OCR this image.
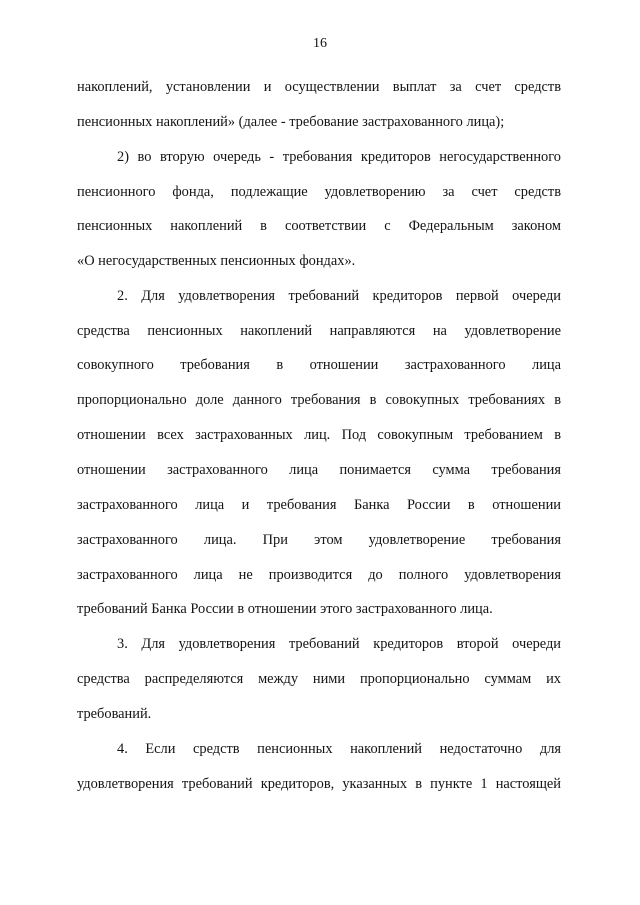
16
накоплений, установлении и осуществлении выплат за счет средств
пенсионных накоплений» (далее - требование застрахованного лица);
2) во вторую очередь - требования кредиторов негосударственного
пенсионного фонда, подлежащие удовлетворению за счет средств
пенсионных накоплений в соответствии с Федеральным законом
«О негосударственных пенсионных фондах».
2. Для удовлетворения требований кредиторов первой очереди
средства пенсионных накоплений направляются на удовлетворение
совокупного требования в отношении застрахованного лица
пропорционально доле данного требования в совокупных требованиях в
отношении всех застрахованных лиц. Под совокупным требованием в
отношении застрахованного лица понимается сумма требования
застрахованного лица и требования Банка России в отношении
застрахованного лица. При этом удовлетворение требования
застрахованного лица не производится до полного удовлетворения
требований Банка России в отношении этого застрахованного лица.
3. Для удовлетворения требований кредиторов второй очереди
средства распределяются между ними пропорционально суммам их
требований.
4. Если средств пенсионных накоплений недостаточно для
удовлетворения требований кредиторов, указанных в пункте 1 настоящей
